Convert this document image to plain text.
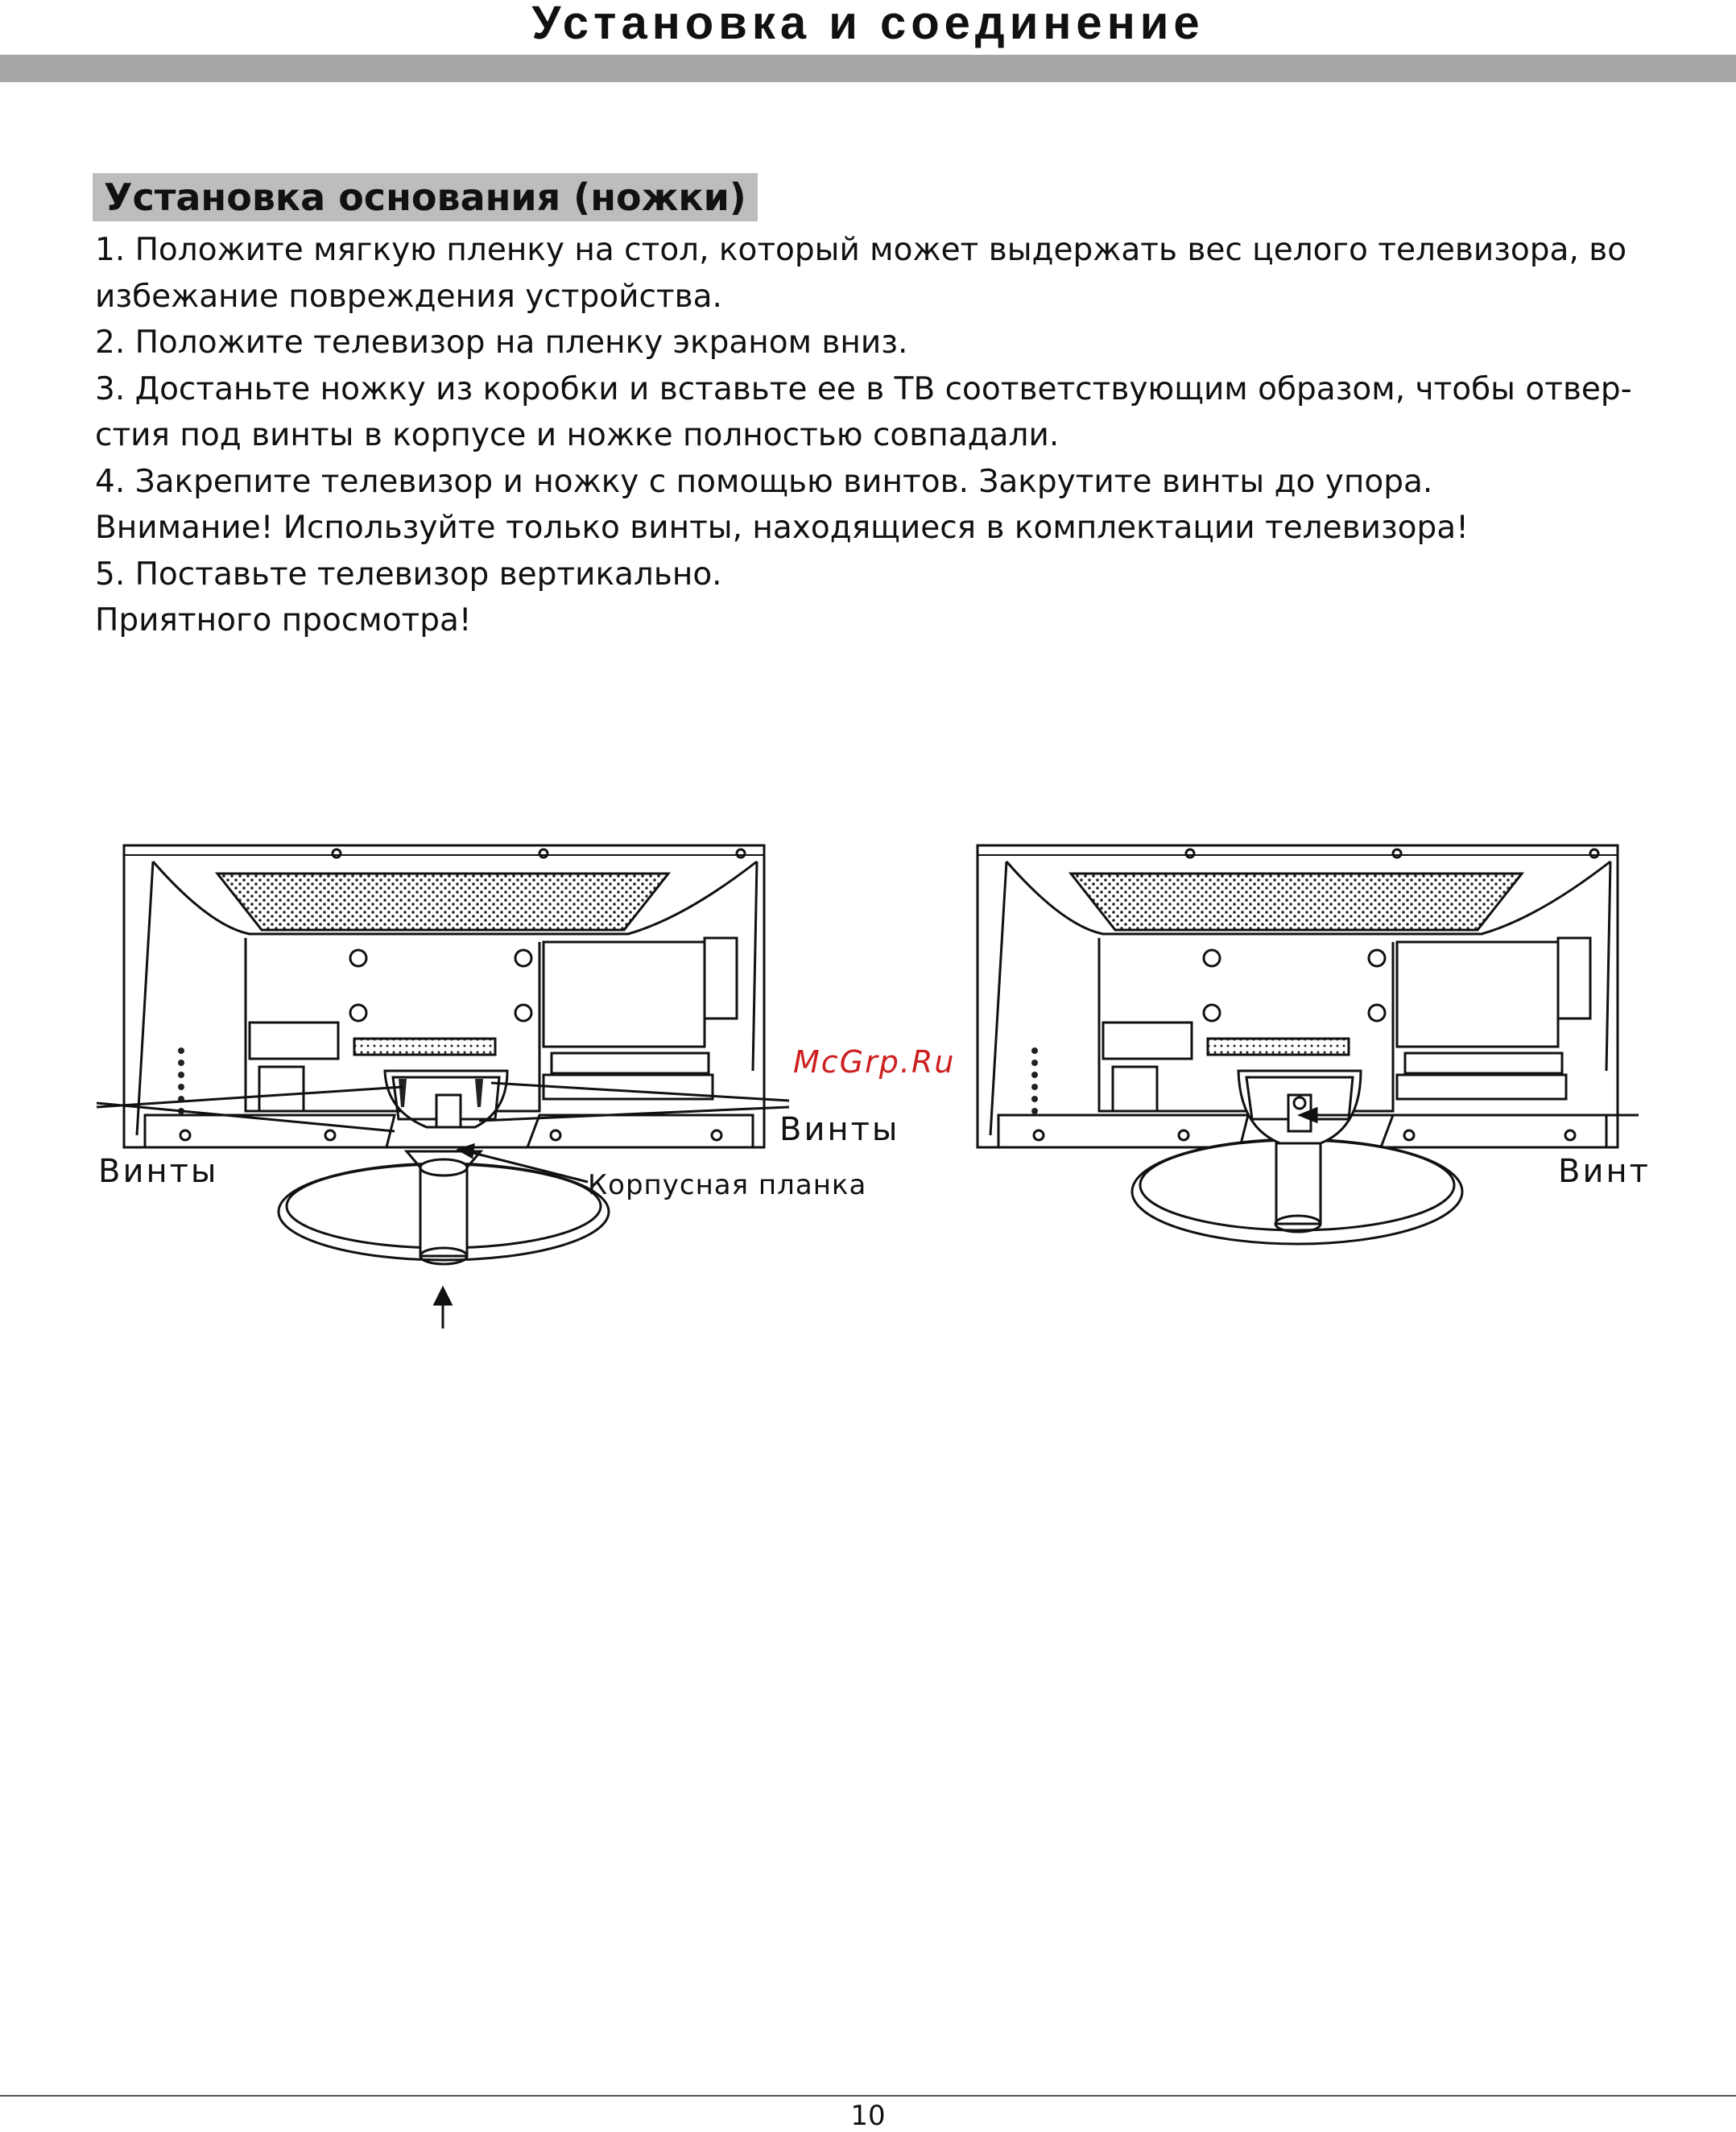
Установка и соединение
Установка основания (ножки)

1. Положите мягкую пленку на стол, который может выдержать вес целого телевизора, во

избежание повреждения устройства.

2. Положите телевизор на пленку экраном вниз.

3. Достаньте ножку из коробки и вставьте ее в ТВ соответствующим образом, чтобы отвер-

стия под винты в корпусе и ножке полностью совпадали.

4. Закрепите телевизор и ножку с помощью винтов. Закрутите винты до упора.

Внимание! Используйте только винты, находящиеся в комплектации телевизора!

5. Поставьте телевизор вертикально.

Приятного просмотра!

Винты
Винты
Корпусная планка	Винт
McGrp.Ru
10
